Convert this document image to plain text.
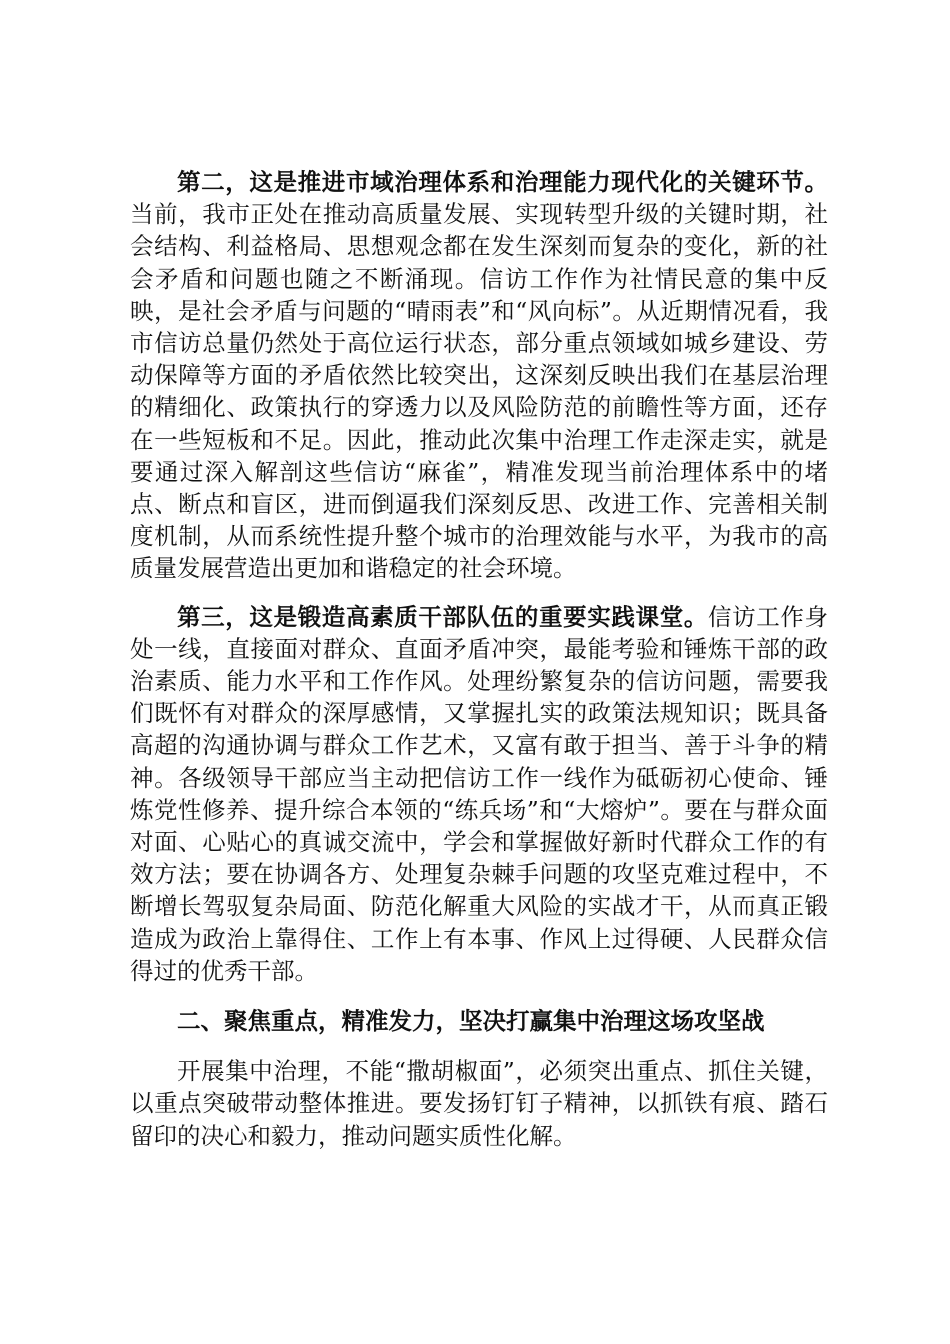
第二，这是推进市域治理体系和治理能力现代化的关键环节。当前，我市正处在推动高质量发展、实现转型升级的关键时期，社会结构、利益格局、思想观念都在发生深刻而复杂的变化，新的社会矛盾和问题也随之不断涌现。信访工作作为社情民意的集中反映，是社会矛盾与问题的“晴雨表”和“风向标”。从近期情况看，我市信访总量仍然处于高位运行状态，部分重点领域如城乡建设、劳动保障等方面的矛盾依然比较突出，这深刻反映出我们在基层治理的精细化、政策执行的穿透力以及风险防范的前瞻性等方面，还存在一些短板和不足。因此，推动此次集中治理工作走深走实，就是要通过深入解剖这些信访“麻雀”，精准发现当前治理体系中的堵点、断点和盲区，进而倒逼我们深刻反思、改进工作、完善相关制度机制，从而系统性提升整个城市的治理效能与水平，为我市的高质量发展营造出更加和谐稳定的社会环境。

第三，这是锻造高素质干部队伍的重要实践课堂。信访工作身处一线，直接面对群众、直面矛盾冲突，最能考验和锤炼干部的政治素质、能力水平和工作作风。处理纷繁复杂的信访问题，需要我们既怀有对群众的深厚感情，又掌握扎实的政策法规知识；既具备高超的沟通协调与群众工作艺术，又富有敢于担当、善于斗争的精神。各级领导干部应当主动把信访工作一线作为砥砺初心使命、锤炼党性修养、提升综合本领的“练兵场”和“大熔炉”。要在与群众面对面、心贴心的真诚交流中，学会和掌握做好新时代群众工作的有效方法；要在协调各方、处理复杂棘手问题的攻坚克难过程中，不断增长驾驭复杂局面、防范化解重大风险的实战才干，从而真正锻造成为政治上靠得住、工作上有本事、作风上过得硬、人民群众信得过的优秀干部。

二、聚焦重点，精准发力，坚决打赢集中治理这场攻坚战

开展集中治理，不能“撒胡椒面”，必须突出重点、抓住关键，以重点突破带动整体推进。要发扬钉钉子精神，以抓铁有痕、踏石留印的决心和毅力，推动问题实质性化解。
